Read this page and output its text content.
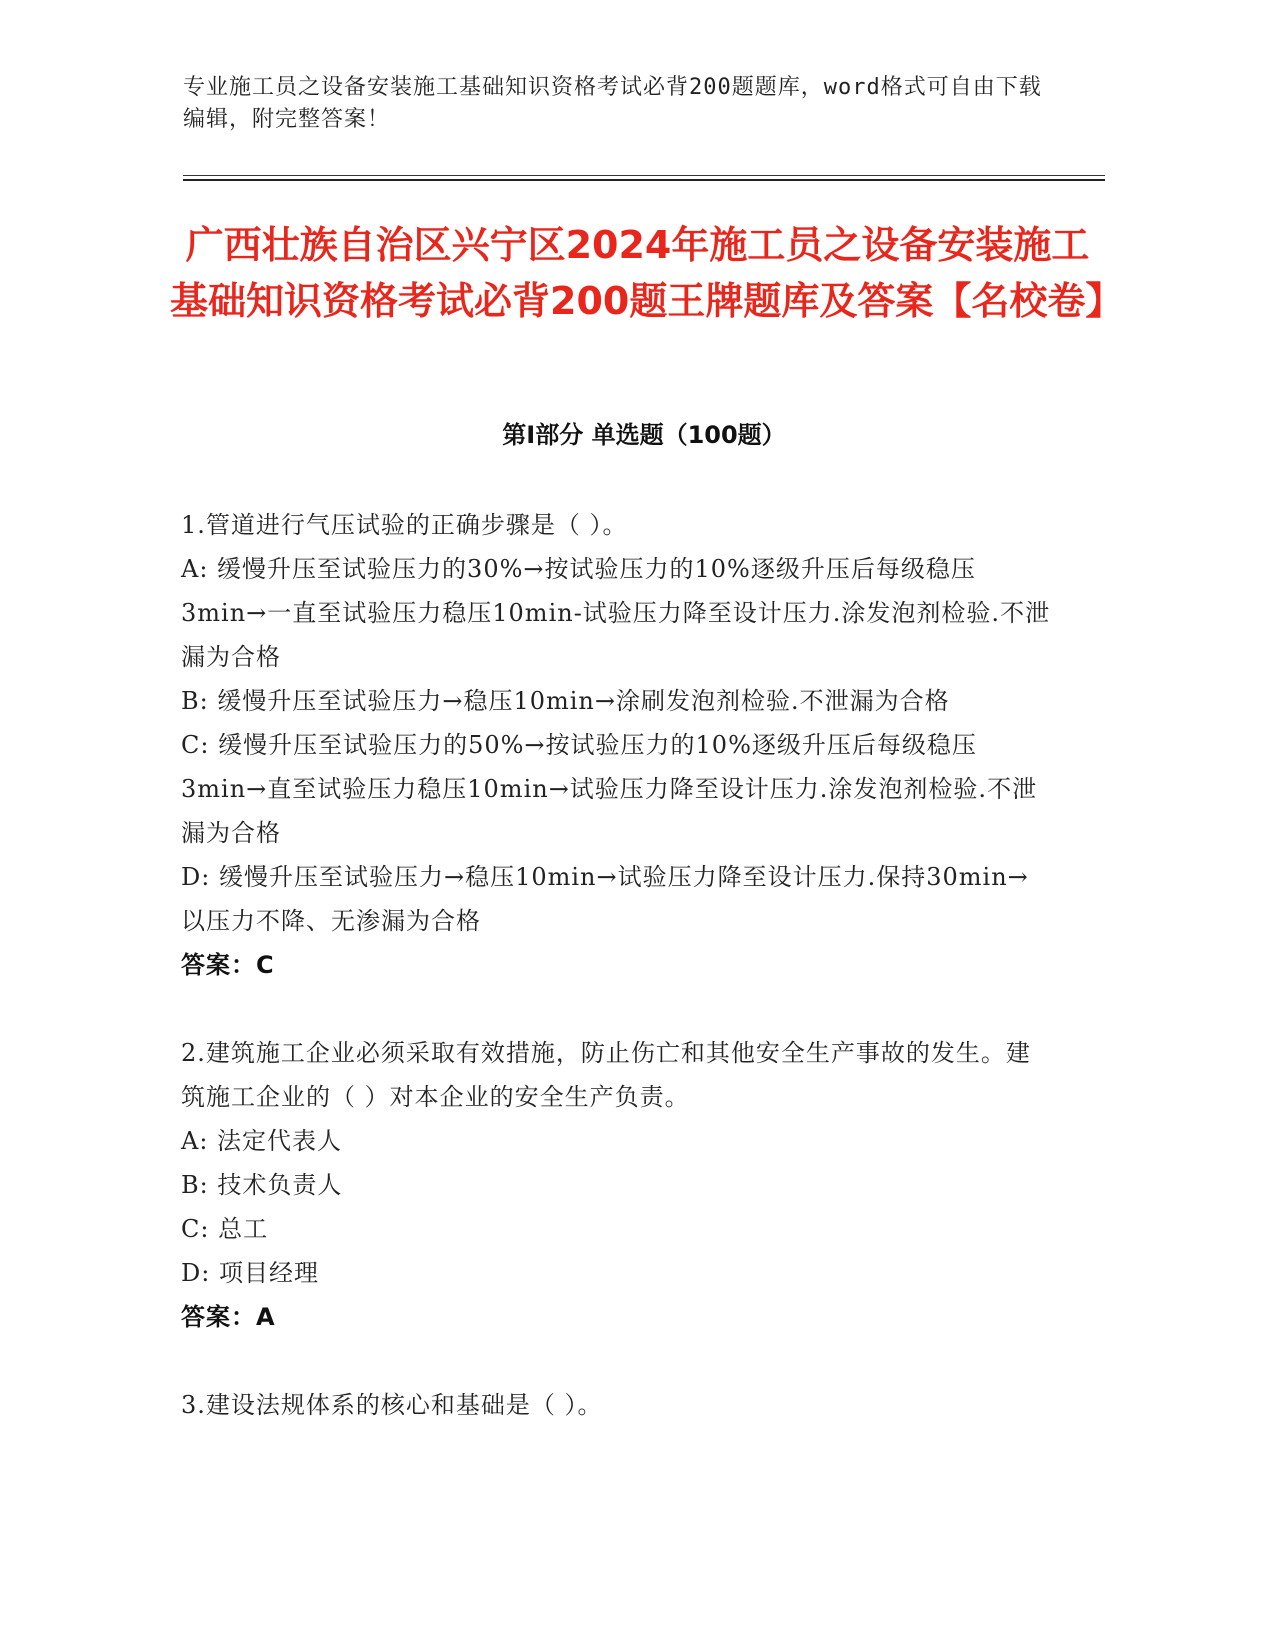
专业施工员之设备安装施工基础知识资格考试必背200题题库，word格式可自由下载编辑，附完整答案！
广西壮族自治区兴宁区2024年施工员之设备安装施工基础知识资格考试必背200题王牌题库及答案【名校卷】
第Ⅰ部分 单选题（100题）

1.管道进行气压试验的正确步骤是（ ）。

A: 缓慢升压至试验压力的30%→按试验压力的10%逐级升压后每级稳压3min→一直至试验压力稳压10min-试验压力降至设计压力.涂发泡剂检验.不泄漏为合格

B: 缓慢升压至试验压力→稳压10min→涂刷发泡剂检验.不泄漏为合格

C: 缓慢升压至试验压力的50%→按试验压力的10%逐级升压后每级稳压3min→直至试验压力稳压10min→试验压力降至设计压力.涂发泡剂检验.不泄漏为合格

D: 缓慢升压至试验压力→稳压10min→试验压力降至设计压力.保持30min→以压力不降、无渗漏为合格

答案：C

2.建筑施工企业必须采取有效措施，防止伤亡和其他安全生产事故的发生。建筑施工企业的（ ）对本企业的安全生产负责。

A: 法定代表人

B: 技术负责人

C: 总工

D: 项目经理

答案：A

3.建设法规体系的核心和基础是（ ）。
